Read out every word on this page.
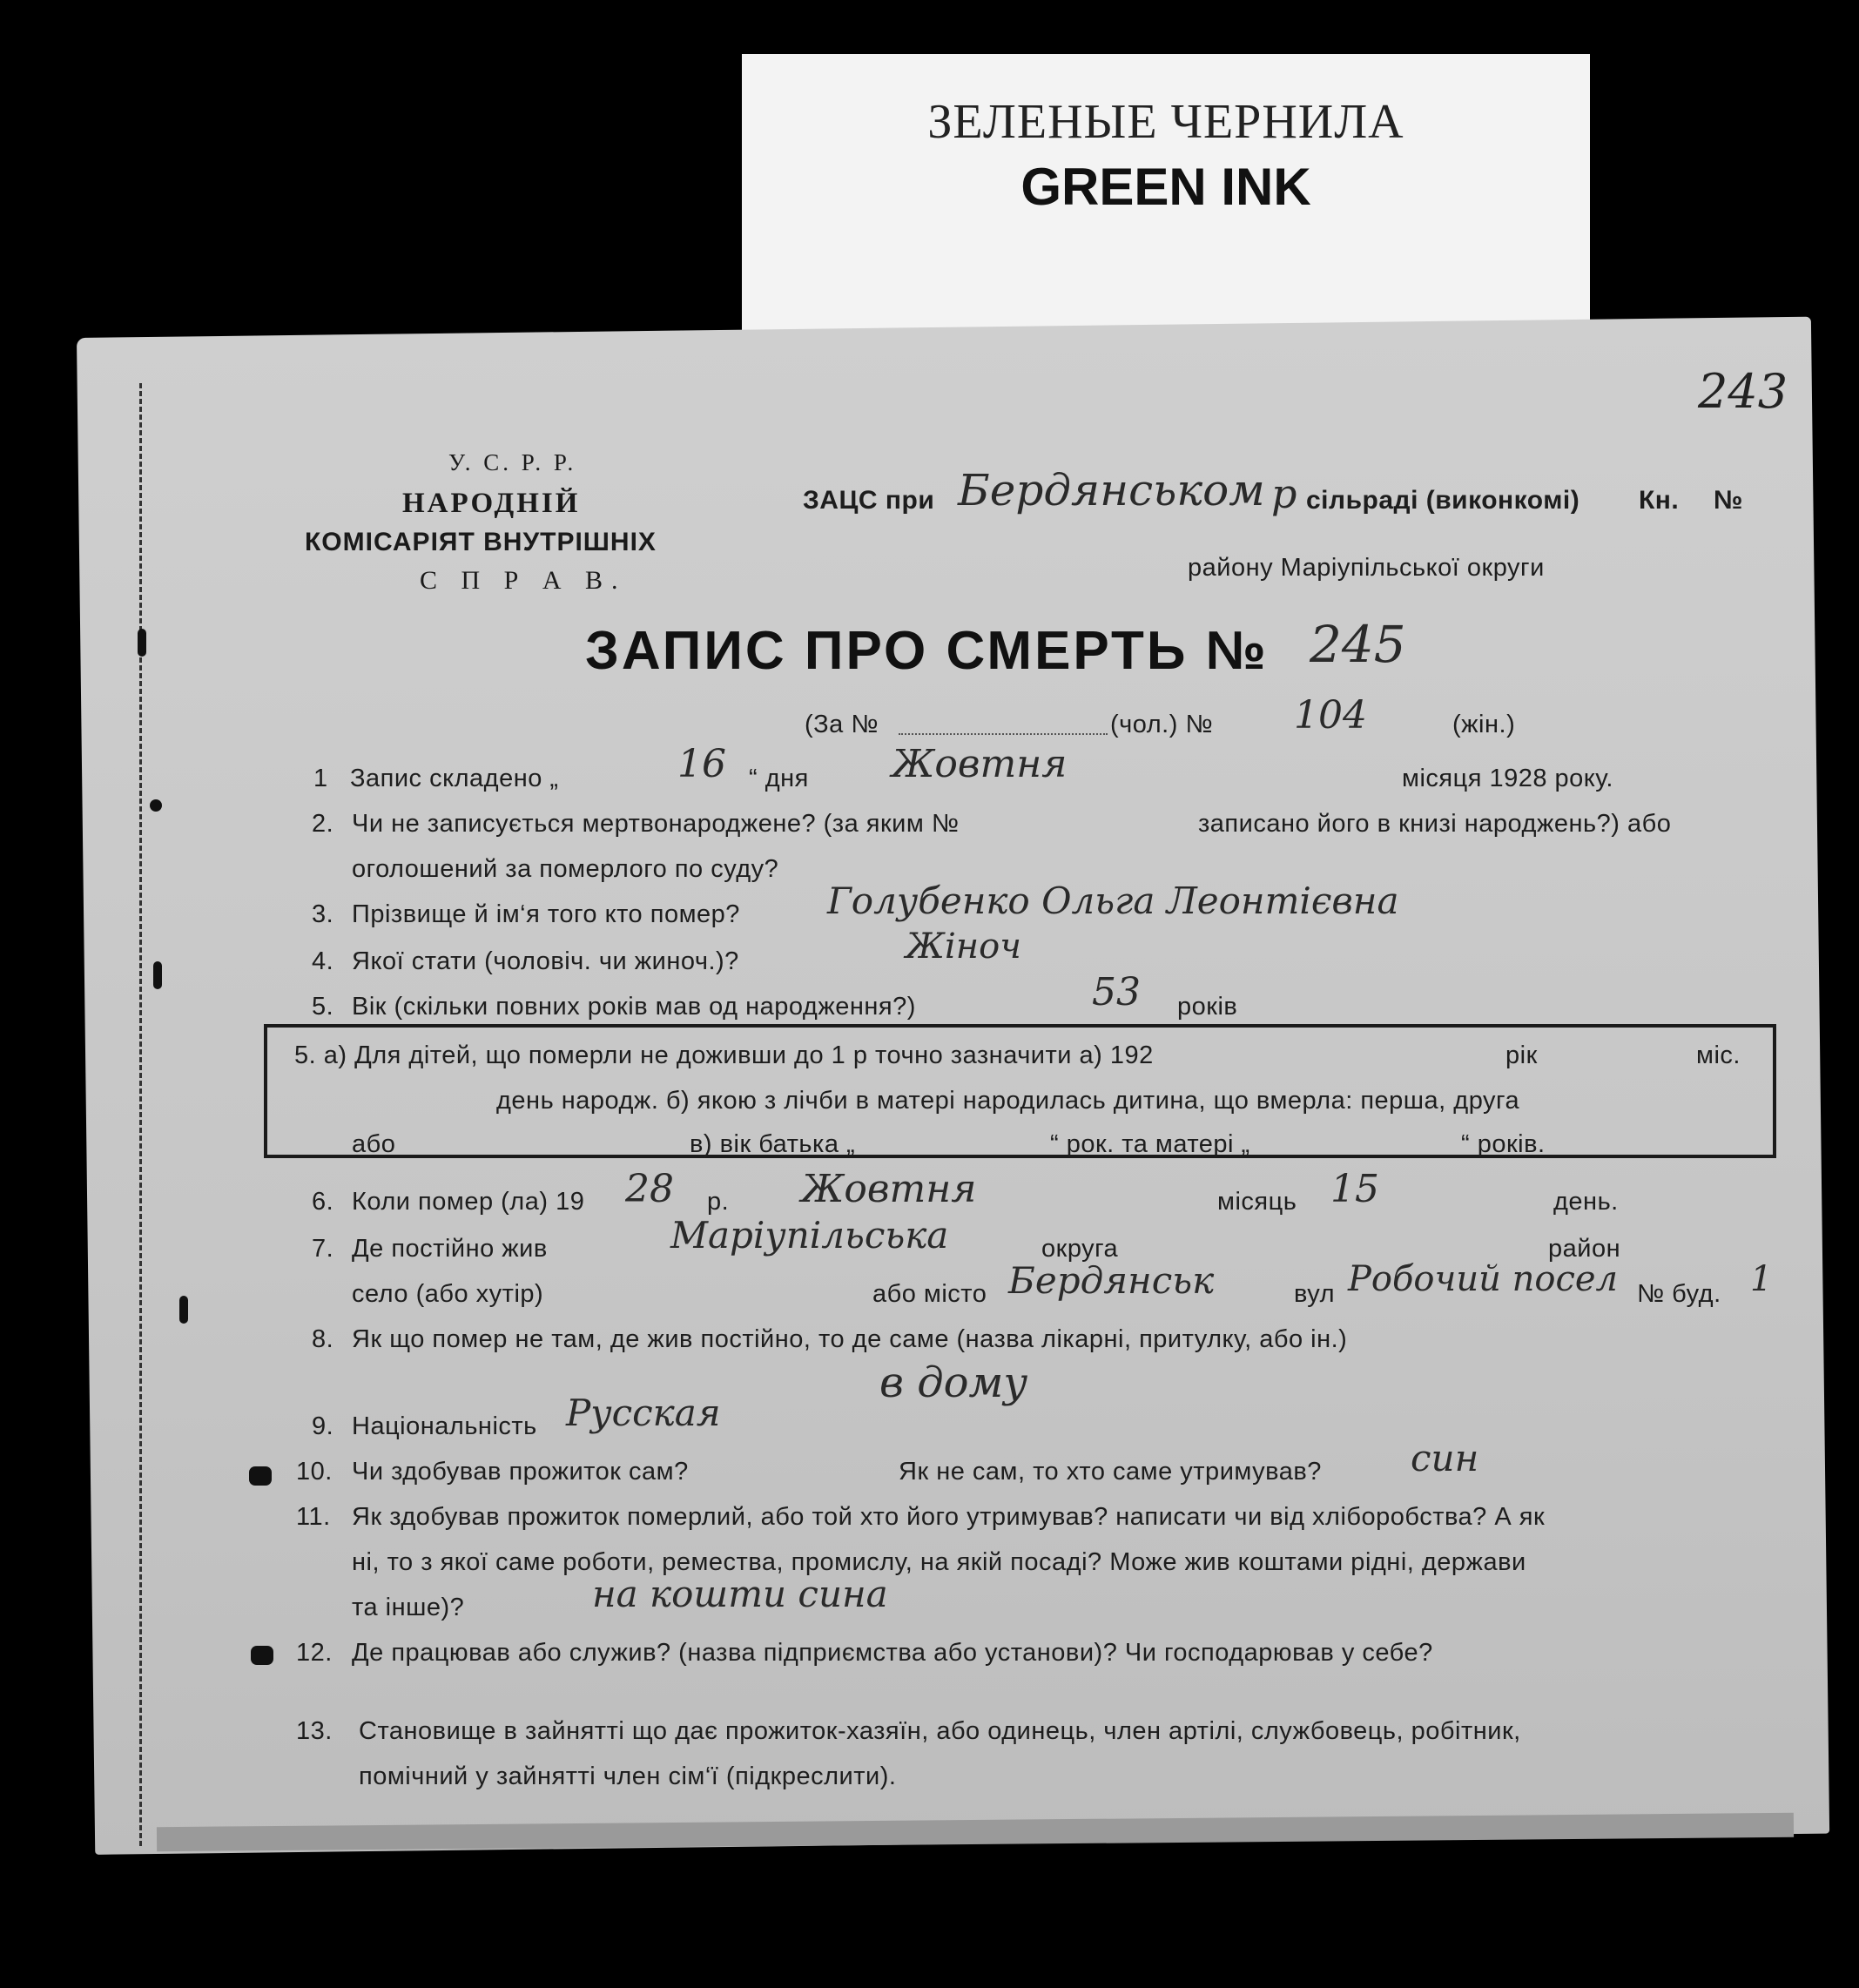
ЗЕЛЕНЫЕ ЧЕРНИЛА
GREEN INK
243
У. С. Р. Р.
НАРОДНІЙ
КОМІСАРІЯТ ВНУТРІШНІХ
С П Р А В.
ЗАЦС при Бердянськом р сільраді (виконкомі) Кн. №
району Маріупільської округи
ЗАПИС ПРО СМЕРТЬ № 245
(За №	(чол.) № 104	(жін.)
1 Запис складено „	16 “ дня Жовтня	місяця 1928 року.
2. Чи не записується мертвонароджене? (за яким №	записано його в книзі народжень?) або
оголошений за померлого по суду?
3. Прізвище й ім‘я того кто помер? Голубенко Ольга Леонтієвна
4. Якої стати (чоловіч. чи жиноч.)?	Жіноч
5. Вік (скільки повних років мав од народження?)	53 років
5. а) Для дітей, що померли не доживши до 1 р точно зазначити а) 192	рік	міс.
день народж. б) якою з лічби в матері народилась дитина, що вмерла: перша, друга
або	в) вік батька „	“ рок. та матері „	“ років.
6. Коли помер (ла) 19 28 р. Жовтня	місяць 15	день.
7. Де постійно жив	Маріупільська	округа	район
село (або хутір)	або місто Бердянськ	вул Робочий посел № буд. 1
8. Як що помер не там, де жив постійно, то де саме (назва лікарні, притулку, або ін.)
в дому
9. Національність Русская
10. Чи здобував прожиток сам?	Як не сам, то хто саме утримував? син
11. Як здобував прожиток померлий, або той хто його утримував? написати чи від хліборобства? А як
ні, то з якої саме роботи, ремества, промислу, на якій посаді? Може жив коштами рідні, держави
та інше)?	на кошти сина
12. Де працював або служив? (назва підприємства або установи)? Чи господарював у себе?
13. Становище в зайнятті що дає прожиток-хазяїн, або одинець, член артілі, службовець, робітник,
помічний у зайнятті член сім‘ї (підкреслити).
